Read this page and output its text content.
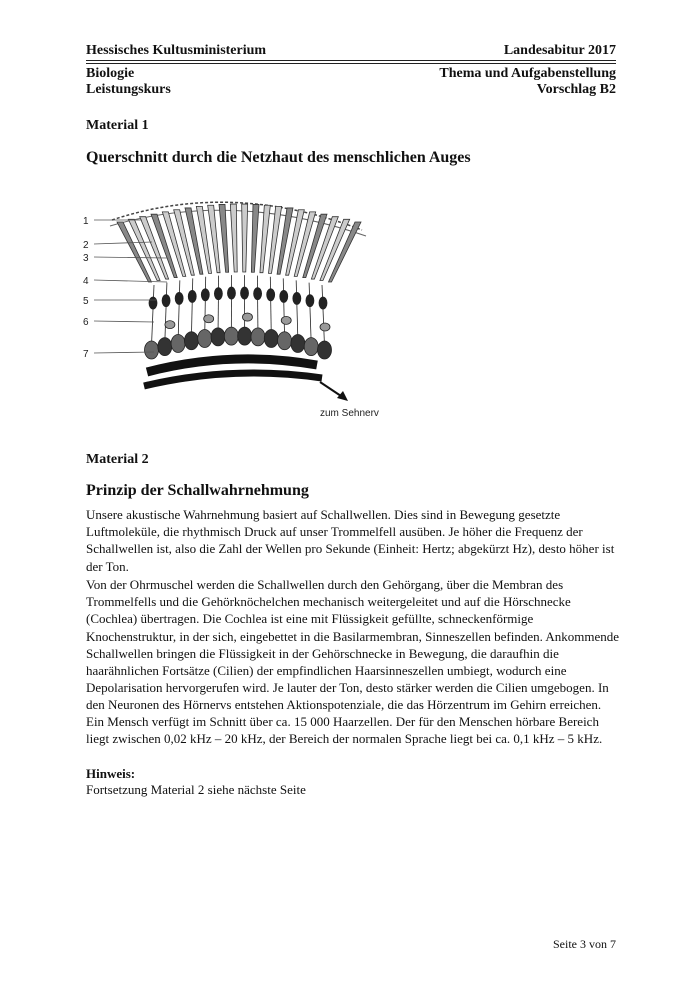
Hessisches Kultusministerium	Landesabitur 2017
Biologie
Leistungskurs
Thema und Aufgabenstellung
Vorschlag B2
Material 1
Querschnitt durch die Netzhaut des menschlichen Auges
1
2
3
4
5
6
7
zum Sehnerv
Material 2
Prinzip der Schallwahrnehmung
Unsere akustische Wahrnehmung basiert auf Schallwellen. Dies sind in Bewegung gesetzte Luftmoleküle, die rhythmisch Druck auf unser Trommelfell ausüben. Je höher die Frequenz der Schallwellen ist, also die Zahl der Wellen pro Sekunde (Einheit: Hertz; abgekürzt Hz), desto höher ist der Ton.
Von der Ohrmuschel werden die Schallwellen durch den Gehörgang, über die Membran des Trommelfells und die Gehörknöchelchen mechanisch weitergeleitet und auf die Hörschnecke (Cochlea) übertragen. Die Cochlea ist eine mit Flüssigkeit gefüllte, schneckenförmige Knochenstruktur, in der sich, eingebettet in die Basilarmembran, Sinneszellen befinden. Ankommende Schallwellen bringen die Flüssigkeit in der Gehörschnecke in Bewegung, die daraufhin die haarähnlichen Fortsätze (Cilien) der empfindlichen Haarsinneszellen umbiegt, wodurch eine Depolarisation hervorgerufen wird. Je lauter der Ton, desto stärker werden die Cilien umgebogen. In den Neuronen des Hörnervs entstehen Aktionspotenziale, die das Hörzentrum im Gehirn erreichen.
Ein Mensch verfügt im Schnitt über ca. 15 000 Haarzellen. Der für den Menschen hörbare Bereich liegt zwischen 0,02 kHz – 20 kHz, der Bereich der normalen Sprache liegt bei ca. 0,1 kHz – 5 kHz.
Hinweis:
Fortsetzung Material 2 siehe nächste Seite
Seite 3 von 7
